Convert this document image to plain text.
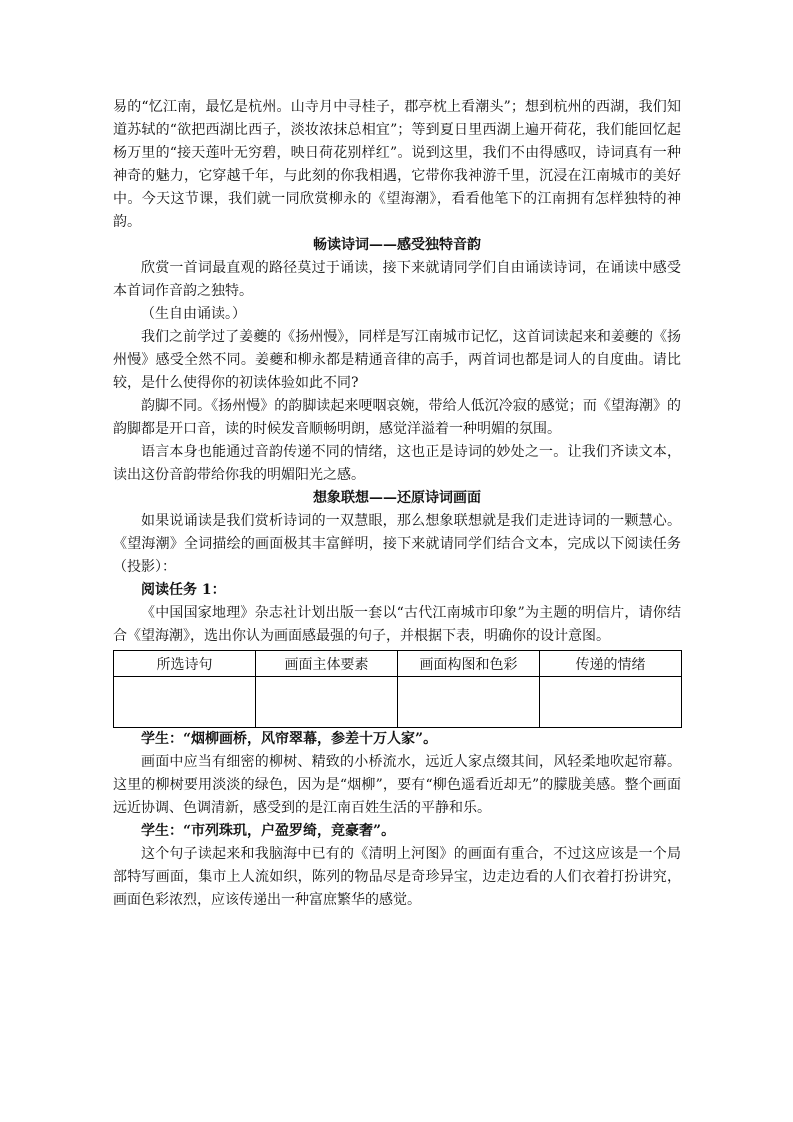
易的“忆江南，最忆是杭州。山寺月中寻桂子，郡亭枕上看潮头”；想到杭州的西湖，我们知道苏轼的“欲把西湖比西子，淡妆浓抹总相宜”；等到夏日里西湖上遍开荷花，我们能回忆起杨万里的“接天莲叶无穷碧，映日荷花别样红”。说到这里，我们不由得感叹，诗词真有一种神奇的魅力，它穿越千年，与此刻的你我相遇，它带你我神游千里，沉浸在江南城市的美好中。今天这节课，我们就一同欣赏柳永的《望海潮》，看看他笔下的江南拥有怎样独特的神韵。

畅读诗词——感受独特音韵

欣赏一首词最直观的路径莫过于诵读，接下来就请同学们自由诵读诗词，在诵读中感受本首词作音韵之独特。

（生自由诵读。）

我们之前学过了姜夔的《扬州慢》，同样是写江南城市记忆，这首词读起来和姜夔的《扬州慢》感受全然不同。姜夔和柳永都是精通音律的高手，两首词也都是词人的自度曲。请比较，是什么使得你的初读体验如此不同?

韵脚不同。《扬州慢》的韵脚读起来哽咽哀婉，带给人低沉冷寂的感觉；而《望海潮》的韵脚都是开口音，读的时候发音顺畅明朗，感觉洋溢着一种明媚的氛围。

语言本身也能通过音韵传递不同的情绪，这也正是诗词的妙处之一。让我们齐读文本，读出这份音韵带给你我的明媚阳光之感。

想象联想——还原诗词画面

如果说诵读是我们赏析诗词的一双慧眼，那么想象联想就是我们走进诗词的一颗慧心。《望海潮》全词描绘的画面极其丰富鲜明，接下来就请同学们结合文本，完成以下阅读任务（投影）：

阅读任务 1：

《中国国家地理》杂志社计划出版一套以“古代江南城市印象”为主题的明信片，请你结合《望海潮》，选出你认为画面感最强的句子，并根据下表，明确你的设计意图。

所选诗句	画面主体要素	画面构图和色彩	传递的情绪

学生：“烟柳画桥，风帘翠幕，参差十万人家”。

画面中应当有细密的柳树、精致的小桥流水，远近人家点缀其间，风轻柔地吹起帘幕。这里的柳树要用淡淡的绿色，因为是“烟柳”，要有“柳色遥看近却无”的朦胧美感。整个画面远近协调、色调清新，感受到的是江南百姓生活的平静和乐。

学生：“市列珠玑，户盈罗绮，竞豪奢”。

这个句子读起来和我脑海中已有的《清明上河图》的画面有重合，不过这应该是一个局部特写画面，集市上人流如织，陈列的物品尽是奇珍异宝，边走边看的人们衣着打扮讲究，画面色彩浓烈，应该传递出一种富庶繁华的感觉。
